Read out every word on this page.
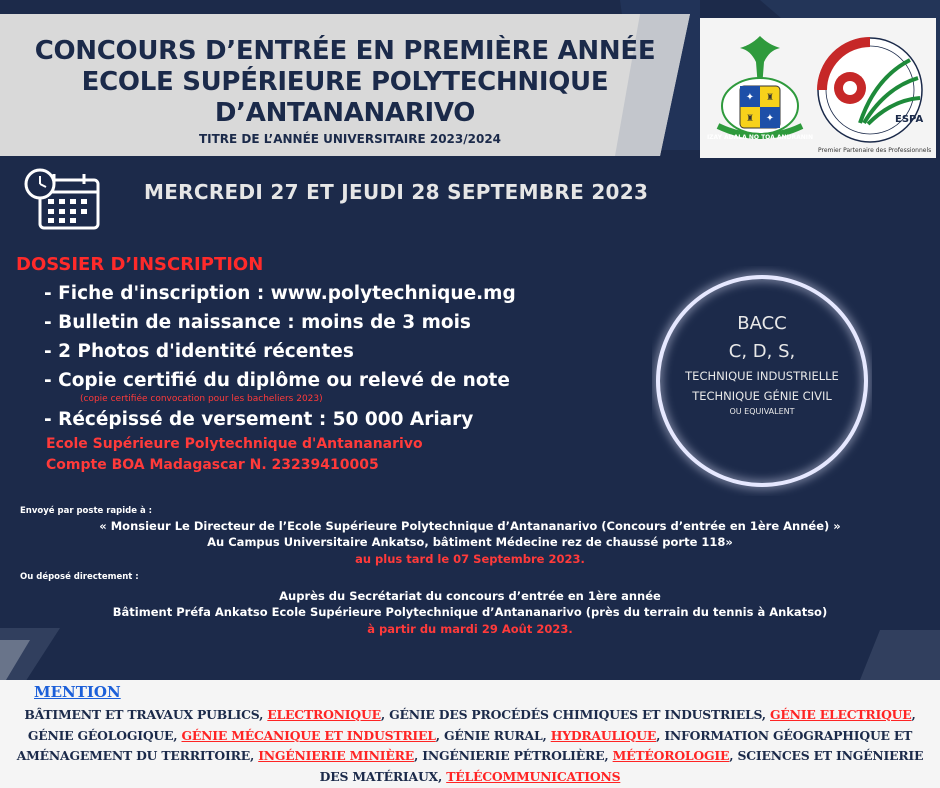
CONCOURS D’ENTRÉE EN PREMIÈRE ANNÉE
ECOLE SUPÉRIEURE POLYTECHNIQUE
D’ANTANANARIVO
TITRE DE L’ANNÉE UNIVERSITAIRE 2023/2024
✦
✦
♜
♜
IZAY ADALA NO TOA ANDRANIN
ESPA
Premier Partenaire des Professionnels
MERCREDI 27 ET JEUDI 28 SEPTEMBRE 2023
DOSSIER D’INSCRIPTION
- Fiche d'inscription : www.polytechnique.mg
- Bulletin de naissance : moins de 3 mois
- 2 Photos d'identité récentes
- Copie certifié du diplôme ou relevé de note
(copie certifiée convocation pour les bacheliers 2023)
- Récépissé de versement : 50 000 Ariary
Ecole Supérieure Polytechnique d'Antananarivo
Compte BOA Madagascar N. 23239410005
BACC
C, D, S,
TECHNIQUE INDUSTRIELLE
TECHNIQUE GÉNIE CIVIL
OU EQUIVALENT
Envoyé par poste rapide à :
« Monsieur Le Directeur de l’Ecole Supérieure Polytechnique d’Antananarivo (Concours d’entrée en 1ère Année) »
Au Campus Universitaire Ankatso, bâtiment Médecine rez de chaussé porte 118»
au plus tard le 07 Septembre 2023.
Ou déposé directement :
Auprès du Secrétariat du concours d’entrée en 1ère année
Bâtiment Préfa Ankatso Ecole Supérieure Polytechnique d’Antananarivo (près du terrain du tennis à Ankatso)
à partir du mardi 29 Août 2023.
MENTION
BÂTIMENT ET TRAVAUX PUBLICS, ELECTRONIQUE, GÉNIE DES PROCÉDÉS CHIMIQUES ET INDUSTRIELS, GÉNIE ELECTRIQUE, GÉNIE GÉOLOGIQUE, GÉNIE MÉCANIQUE ET INDUSTRIEL, GÉNIE RURAL, HYDRAULIQUE, INFORMATION GÉOGRAPHIQUE ET AMÉNAGEMENT DU TERRITOIRE, INGÉNIERIE MINIÈRE, INGÉNIERIE PÉTROLIÈRE, MÉTÉOROLOGIE, SCIENCES ET INGÉNIERIE DES MATÉRIAUX, TÉLÉCOMMUNICATIONS
